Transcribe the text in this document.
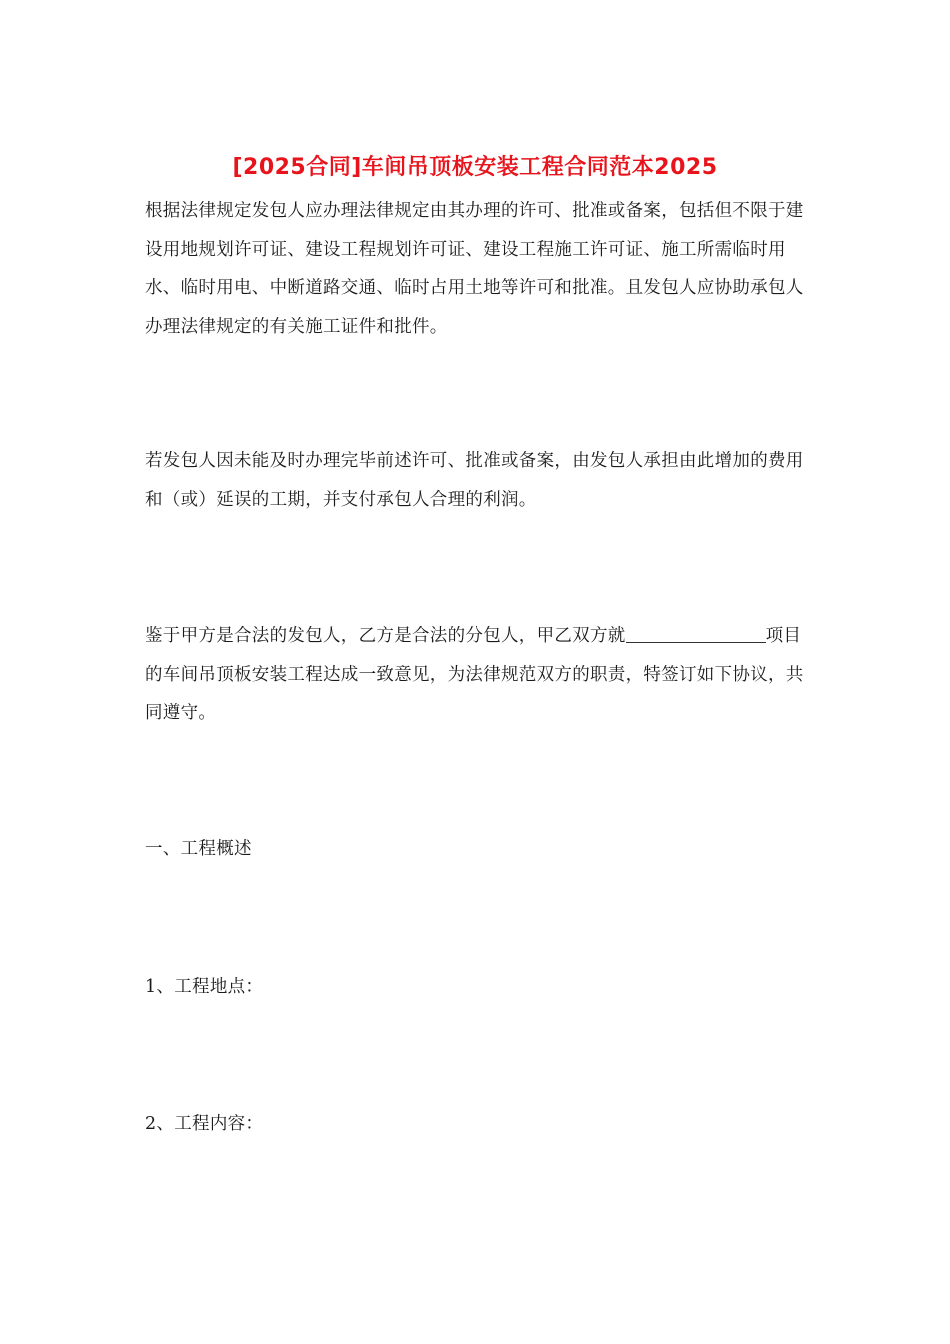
[2025合同]车间吊顶板安装工程合同范本2025

根据法律规定发包人应办理法律规定由其办理的许可、批准或备案，包括但不限于建设用地规划许可证、建设工程规划许可证、建设工程施工许可证、施工所需临时用水、临时用电、中断道路交通、临时占用土地等许可和批准。且发包人应协助承包人办理法律规定的有关施工证件和批件。

若发包人因未能及时办理完毕前述许可、批准或备案，由发包人承担由此增加的费用和（或）延误的工期，并支付承包人合理的利润。

鉴于甲方是合法的发包人，乙方是合法的分包人，甲乙双方就	项目的车间吊顶板安装工程达成一致意见，为法律规范双方的职责，特签订如下协议，共同遵守。

一、工程概述

1、工程地点：

2、工程内容：
